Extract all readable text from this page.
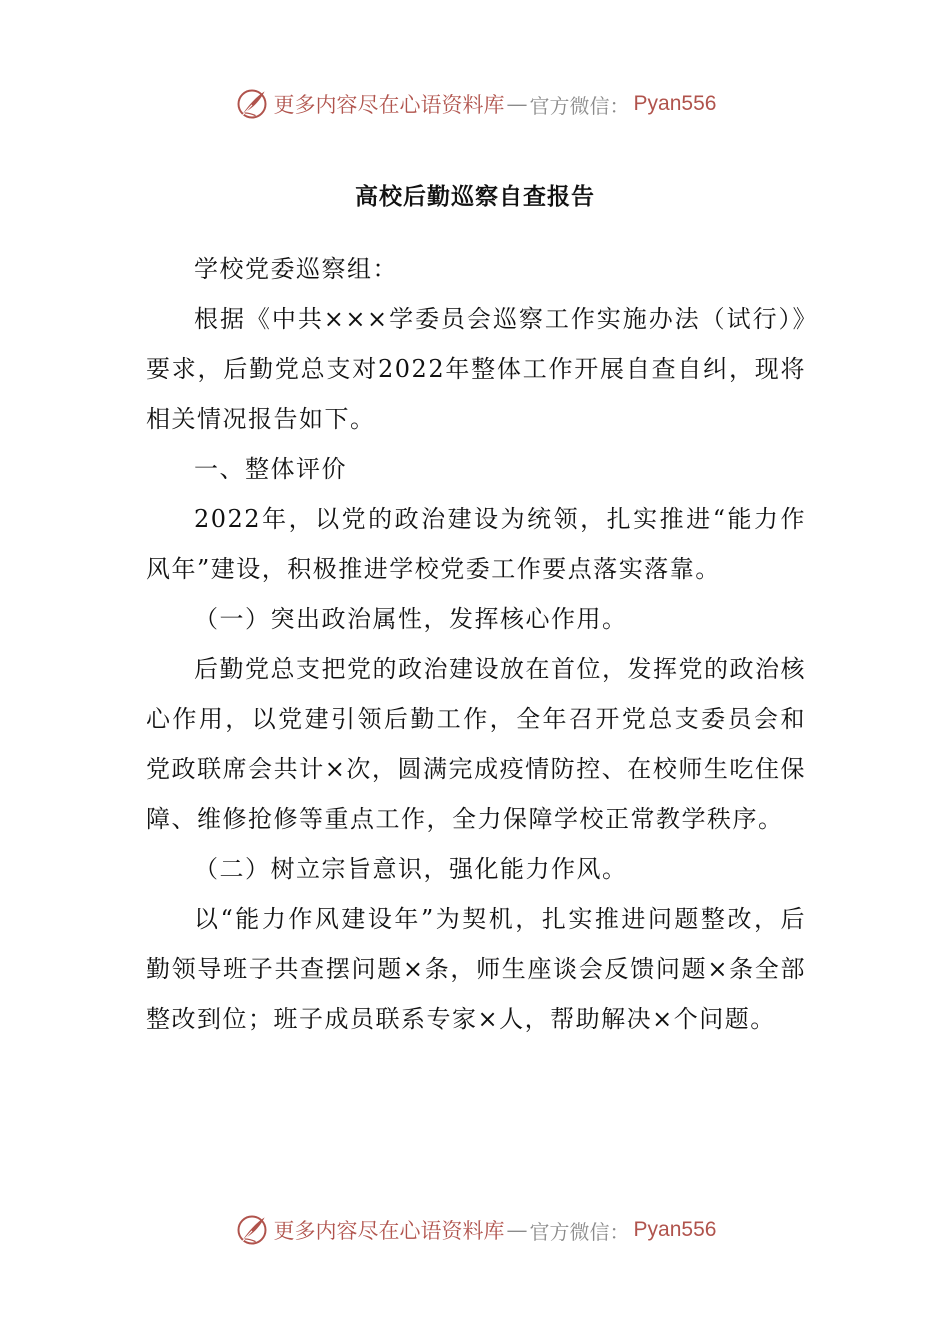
更多内容尽在心语资料库 — 官方微信： Pyan556
高校后勤巡察自查报告

学校党委巡察组：

根据《中共×××学委员会巡察工作实施办法（试行）》要求，后勤党总支对2022年整体工作开展自查自纠，现将相关情况报告如下。

一、整体评价

2022年，以党的政治建设为统领，扎实推进“能力作风年”建设，积极推进学校党委工作要点落实落靠。

（一）突出政治属性，发挥核心作用。

后勤党总支把党的政治建设放在首位，发挥党的政治核心作用，以党建引领后勤工作，全年召开党总支委员会和党政联席会共计×次，圆满完成疫情防控、在校师生吃住保障、维修抢修等重点工作，全力保障学校正常教学秩序。

（二）树立宗旨意识，强化能力作风。

以“能力作风建设年”为契机，扎实推进问题整改，后勤领导班子共查摆问题×条，师生座谈会反馈问题×条全部整改到位；班子成员联系专家×人，帮助解决×个问题。

更多内容尽在心语资料库 — 官方微信： Pyan556
